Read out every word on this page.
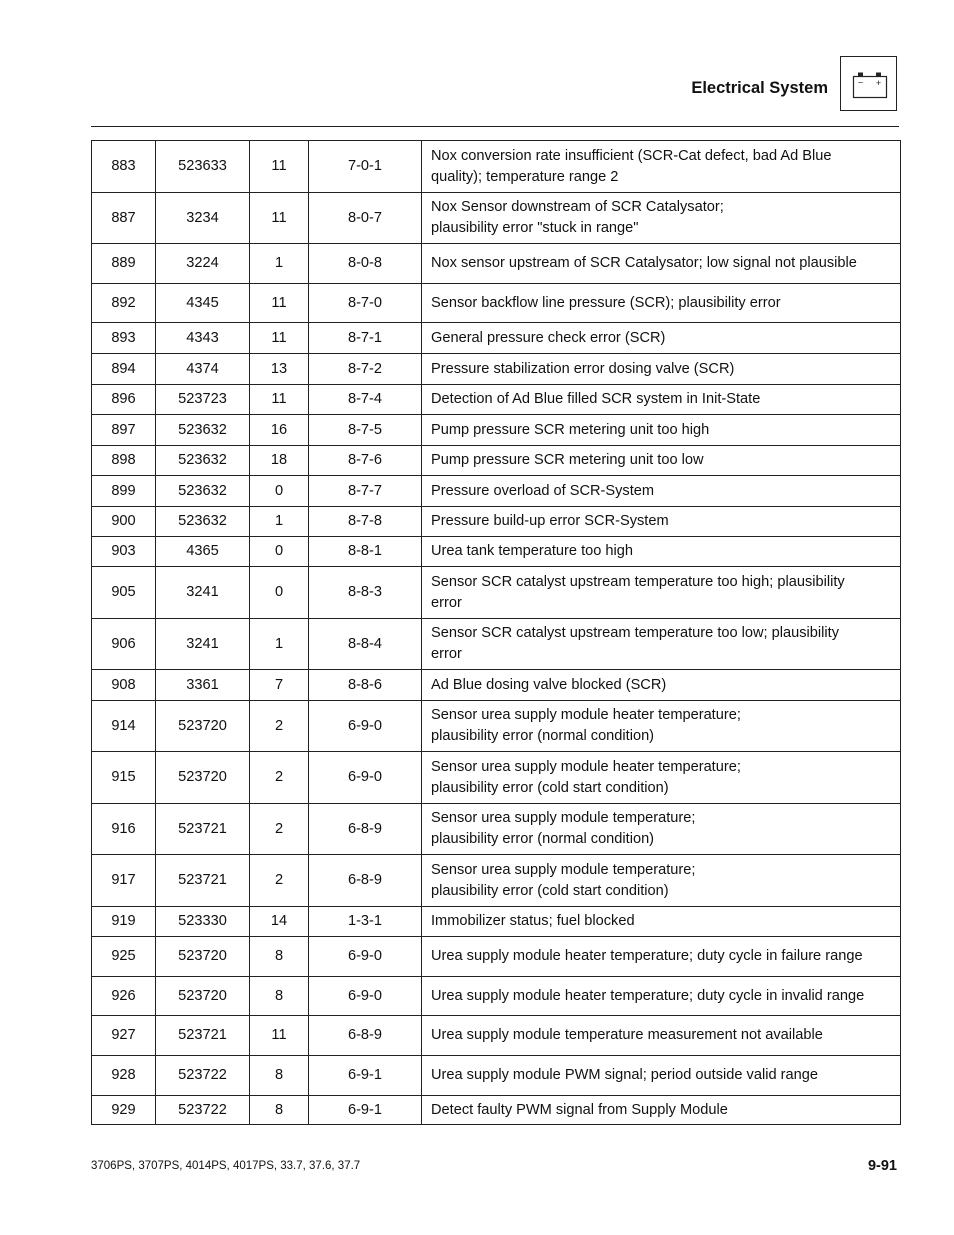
Electrical System	− +
883	523633	11	7-0-1	Nox conversion rate insufficient (SCR-Cat defect, bad Ad Blue
quality); temperature range 2

887	3234	11	8-0-7	Nox Sensor downstream of SCR Catalysator;
plausibility error "stuck in range"

889	3224	1	8-0-8	Nox sensor upstream of SCR Catalysator; low signal not plausible

892	4345	11	8-7-0	Sensor backflow line pressure (SCR); plausibility error

893	4343	11	8-7-1	General pressure check error (SCR)

894	4374	13	8-7-2	Pressure stabilization error dosing valve (SCR)

896	523723	11	8-7-4	Detection of Ad Blue filled SCR system in Init-State

897	523632	16	8-7-5	Pump pressure SCR metering unit too high

898	523632	18	8-7-6	Pump pressure SCR metering unit too low

899	523632	0	8-7-7	Pressure overload of SCR-System

900	523632	1	8-7-8	Pressure build-up error SCR-System

903	4365	0	8-8-1	Urea tank temperature too high

905	3241	0	8-8-3	Sensor SCR catalyst upstream temperature too high; plausibility
error

906	3241	1	8-8-4	Sensor SCR catalyst upstream temperature too low; plausibility
error

908	3361	7	8-8-6	Ad Blue dosing valve blocked (SCR)

914	523720	2	6-9-0	Sensor urea supply module heater temperature;
plausibility error (normal condition)

915	523720	2	6-9-0	Sensor urea supply module heater temperature;
plausibility error (cold start condition)

916	523721	2	6-8-9	Sensor urea supply module temperature;
plausibility error (normal condition)

917	523721	2	6-8-9	Sensor urea supply module temperature;
plausibility error (cold start condition)

919	523330	14	1-3-1	Immobilizer status; fuel blocked

925	523720	8	6-9-0	Urea supply module heater temperature; duty cycle in failure range

926	523720	8	6-9-0	Urea supply module heater temperature; duty cycle in invalid range

927	523721	11	6-8-9	Urea supply module temperature measurement not available

928	523722	8	6-9-1	Urea supply module PWM signal; period outside valid range

929	523722	8	6-9-1	Detect faulty PWM signal from Supply Module
3706PS, 3707PS, 4014PS, 4017PS, 33.7, 37.6, 37.7	9-91
